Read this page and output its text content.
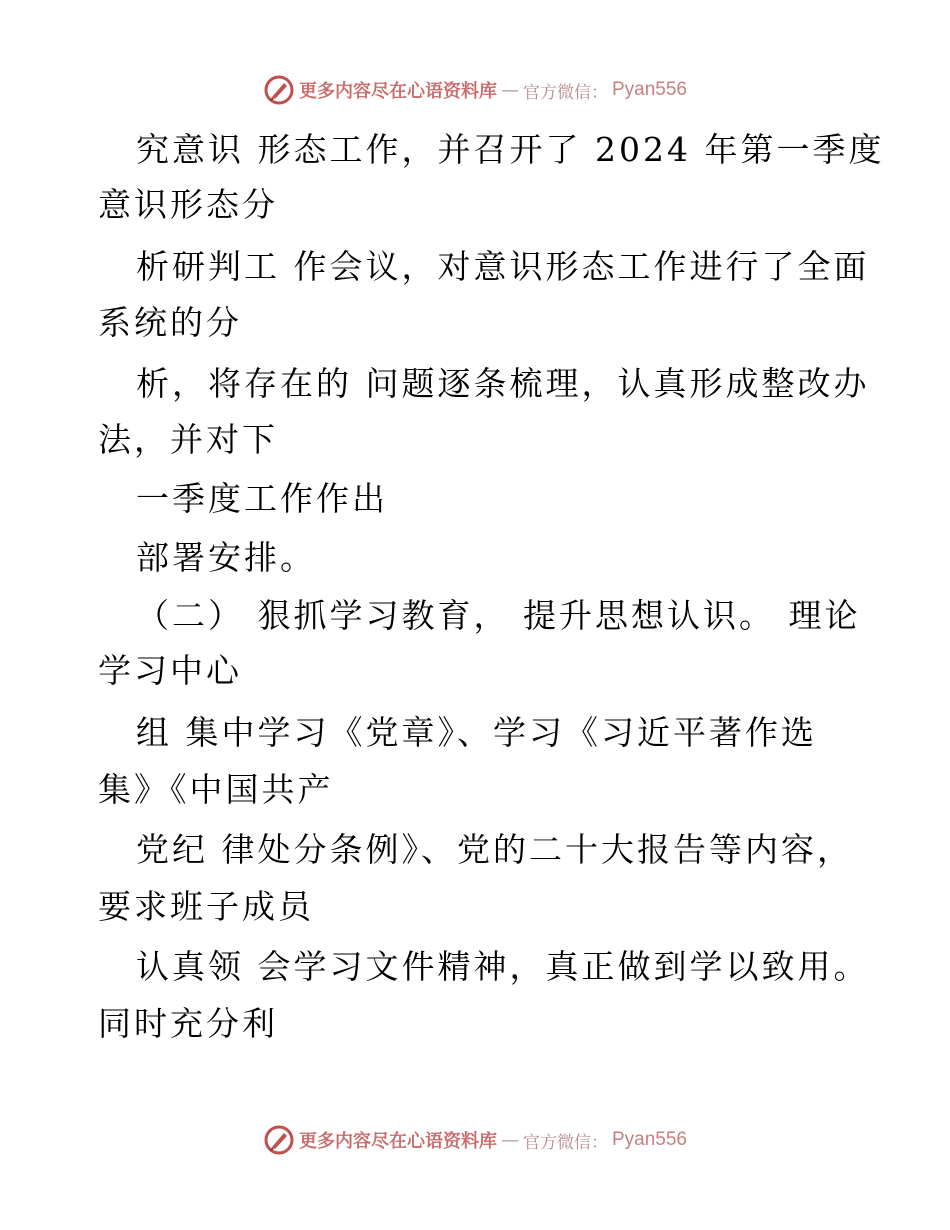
更多内容尽在心语资料库 — 官方微信： Pyan556
究意识 形态工作，并召开了 2024 年第一季度
意识形态分
析研判工 作会议，对意识形态工作进行了全面
系统的分
析，将存在的 问题逐条梳理，认真形成整改办
法，并对下
一季度工作作出
部署安排。
（二） 狠抓学习教育， 提升思想认识。 理论
学习中心
组 集中学习《党章》、学习《习近平著作选
集》《中国共产
党纪 律处分条例》、党的二十大报告等内容，
要求班子成员
认真领 会学习文件精神，真正做到学以致用。
同时充分利
更多内容尽在心语资料库 — 官方微信： Pyan556
